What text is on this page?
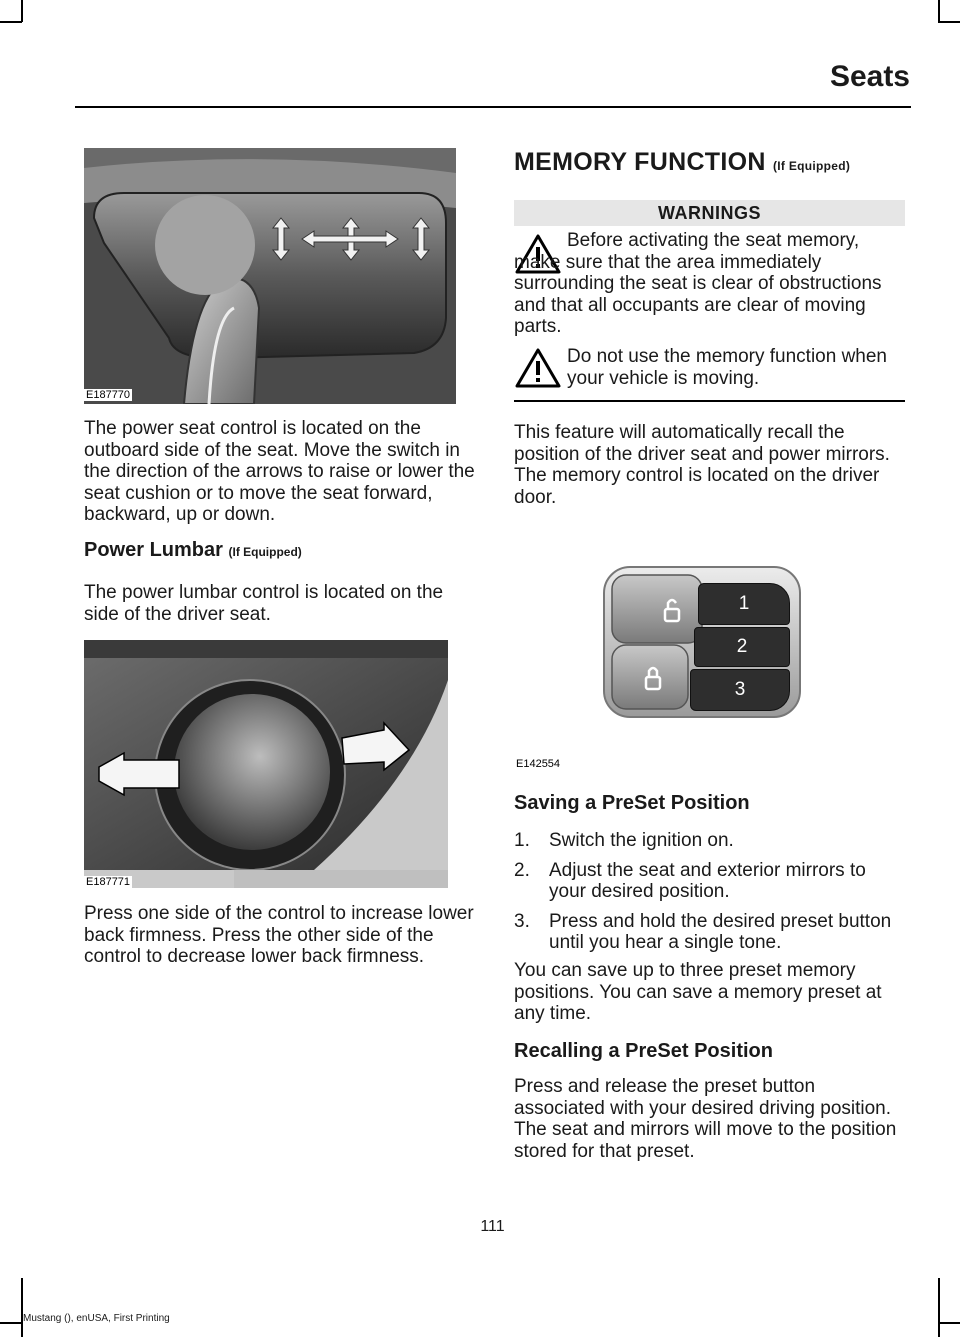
Seats
E187770

The power seat control is located on the outboard side of the seat. Move the switch in the direction of the arrows to raise or lower the seat cushion or to move the seat forward, backward, up or down.

Power Lumbar (If Equipped)

The power lumbar control is located on the side of the driver seat.

E187771

Press one side of the control to increase lower back firmness. Press the other side of the control to decrease lower back firmness.

MEMORY FUNCTION (If Equipped)
WARNINGS

Before activating the seat memory, make sure that the area immediately surrounding the seat is clear of obstructions and that all occupants are clear of moving parts.

Do not use the memory function when your vehicle is moving.

This feature will automatically recall the position of the driver seat and power mirrors. The memory control is located on the driver door.

1
2
3
E142554
Saving a PreSet Position
1. Switch the ignition on.
2. Adjust the seat and exterior mirrors to your desired position.
3. Press and hold the desired preset button until you hear a single tone.

You can save up to three preset memory positions. You can save a memory preset at any time.

Recalling a PreSet Position

Press and release the preset button associated with your desired driving position. The seat and mirrors will move to the position stored for that preset.

111
Mustang (), enUSA, First Printing
